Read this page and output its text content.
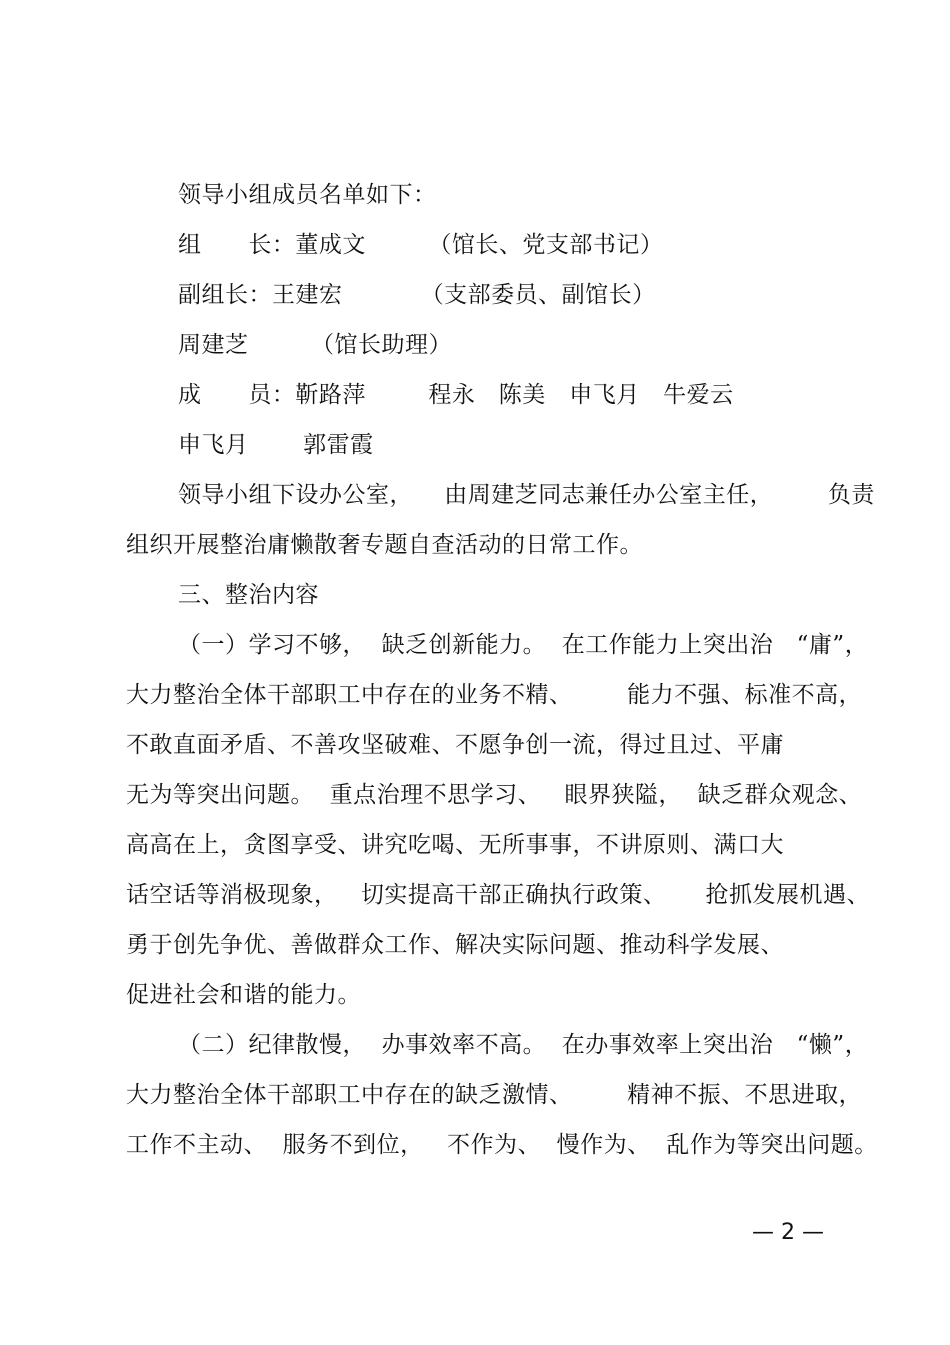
领导小组成员名单如下：
组      长：董成文        （馆长、党支部书记）
副组长：王建宏          （支部委员、副馆长）
周建芝        （馆长助理）
成      员：靳路萍        程永   陈美   申飞月   牛爱云
申飞月       郭雷霞
领导小组下设办公室，    由周建芝同志兼任办公室主任，       负责
组织开展整治庸懒散奢专题自查活动的日常工作。
三、整治内容
（一）学习不够，  缺乏创新能力。  在工作能力上突出治   “庸”，
大力整治全体干部职工中存在的业务不精、       能力不强、标准不高，
不敢直面矛盾、不善攻坚破难、不愿争创一流，得过且过、平庸
无为等突出问题。  重点治理不思学习、   眼界狭隘，  缺乏群众观念、
高高在上，贪图享受、讲究吃喝、无所事事，不讲原则、满口大
话空话等消极现象，   切实提高干部正确执行政策、     抢抓发展机遇、
勇于创先争优、善做群众工作、解决实际问题、推动科学发展、
促进社会和谐的能力。
（二）纪律散慢，  办事效率不高。  在办事效率上突出治   “懒”，
大力整治全体干部职工中存在的缺乏激情、       精神不振、不思进取，
工作不主动、  服务不到位，   不作为、  慢作为、  乱作为等突出问题。
— 2 —
